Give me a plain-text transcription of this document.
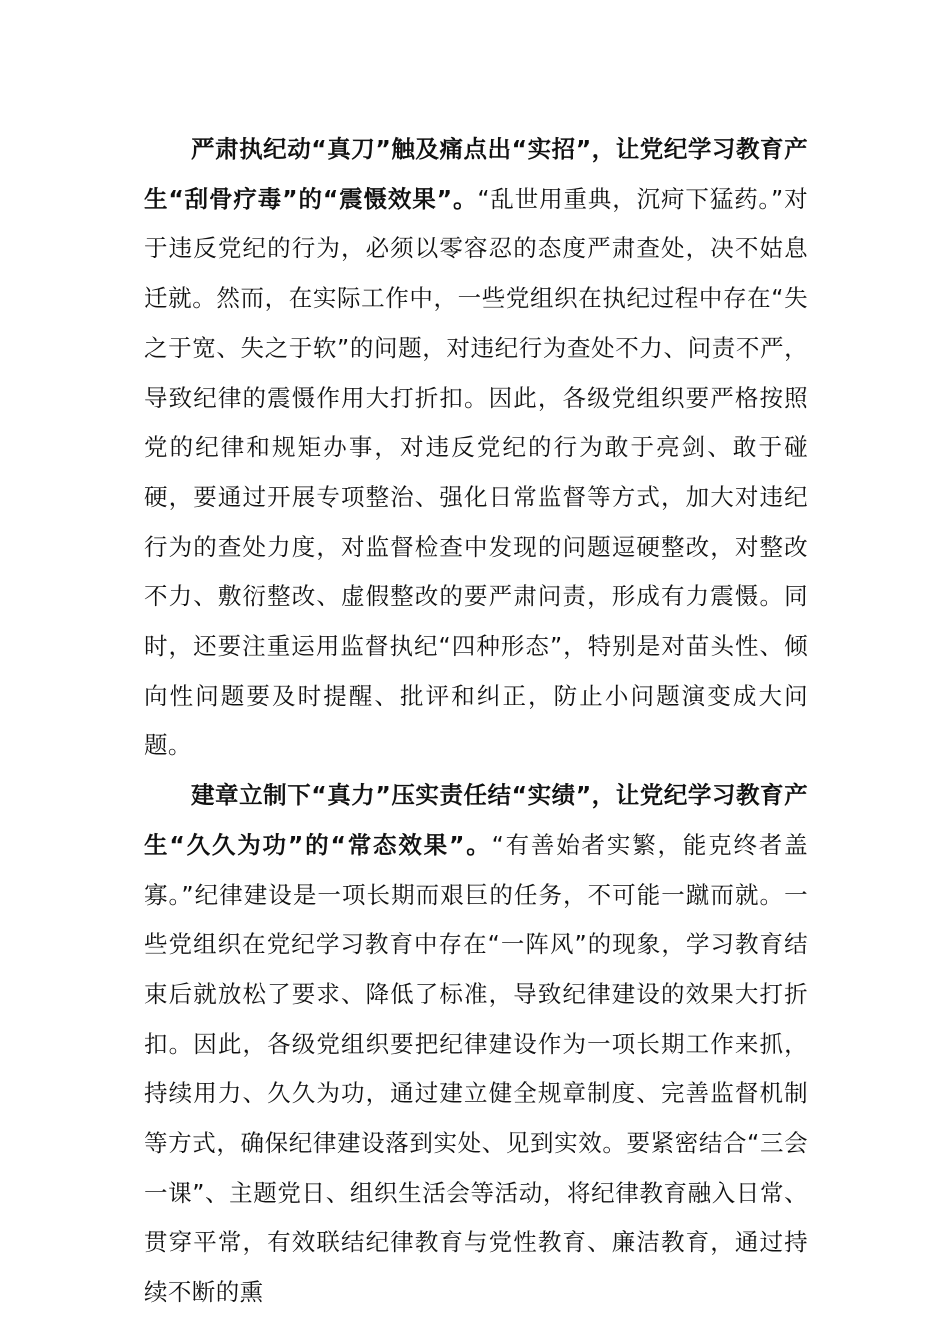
严肃执纪动“真刀”触及痛点出“实招”，让党纪学习教育产生“刮骨疗毒”的“震慑效果”。“乱世用重典，沉疴下猛药。”对于违反党纪的行为，必须以零容忍的态度严肃查处，决不姑息迁就。然而，在实际工作中，一些党组织在执纪过程中存在“失之于宽、失之于软”的问题，对违纪行为查处不力、问责不严，导致纪律的震慑作用大打折扣。因此，各级党组织要严格按照党的纪律和规矩办事，对违反党纪的行为敢于亮剑、敢于碰硬，要通过开展专项整治、强化日常监督等方式，加大对违纪行为的查处力度，对监督检查中发现的问题逗硬整改，对整改不力、敷衍整改、虚假整改的要严肃问责，形成有力震慑。同时，还要注重运用监督执纪“四种形态”，特别是对苗头性、倾向性问题要及时提醒、批评和纠正，防止小问题演变成大问题。

建章立制下“真力”压实责任结“实绩”，让党纪学习教育产生“久久为功”的“常态效果”。“有善始者实繁，能克终者盖寡。”纪律建设是一项长期而艰巨的任务，不可能一蹴而就。一些党组织在党纪学习教育中存在“一阵风”的现象，学习教育结束后就放松了要求、降低了标准，导致纪律建设的效果大打折扣。因此，各级党组织要把纪律建设作为一项长期工作来抓，持续用力、久久为功，通过建立健全规章制度、完善监督机制等方式，确保纪律建设落到实处、见到实效。要紧密结合“三会一课”、主题党日、组织生活会等活动，将纪律教育融入日常、贯穿平常，有效联结纪律教育与党性教育、廉洁教育，通过持续不断的熏
